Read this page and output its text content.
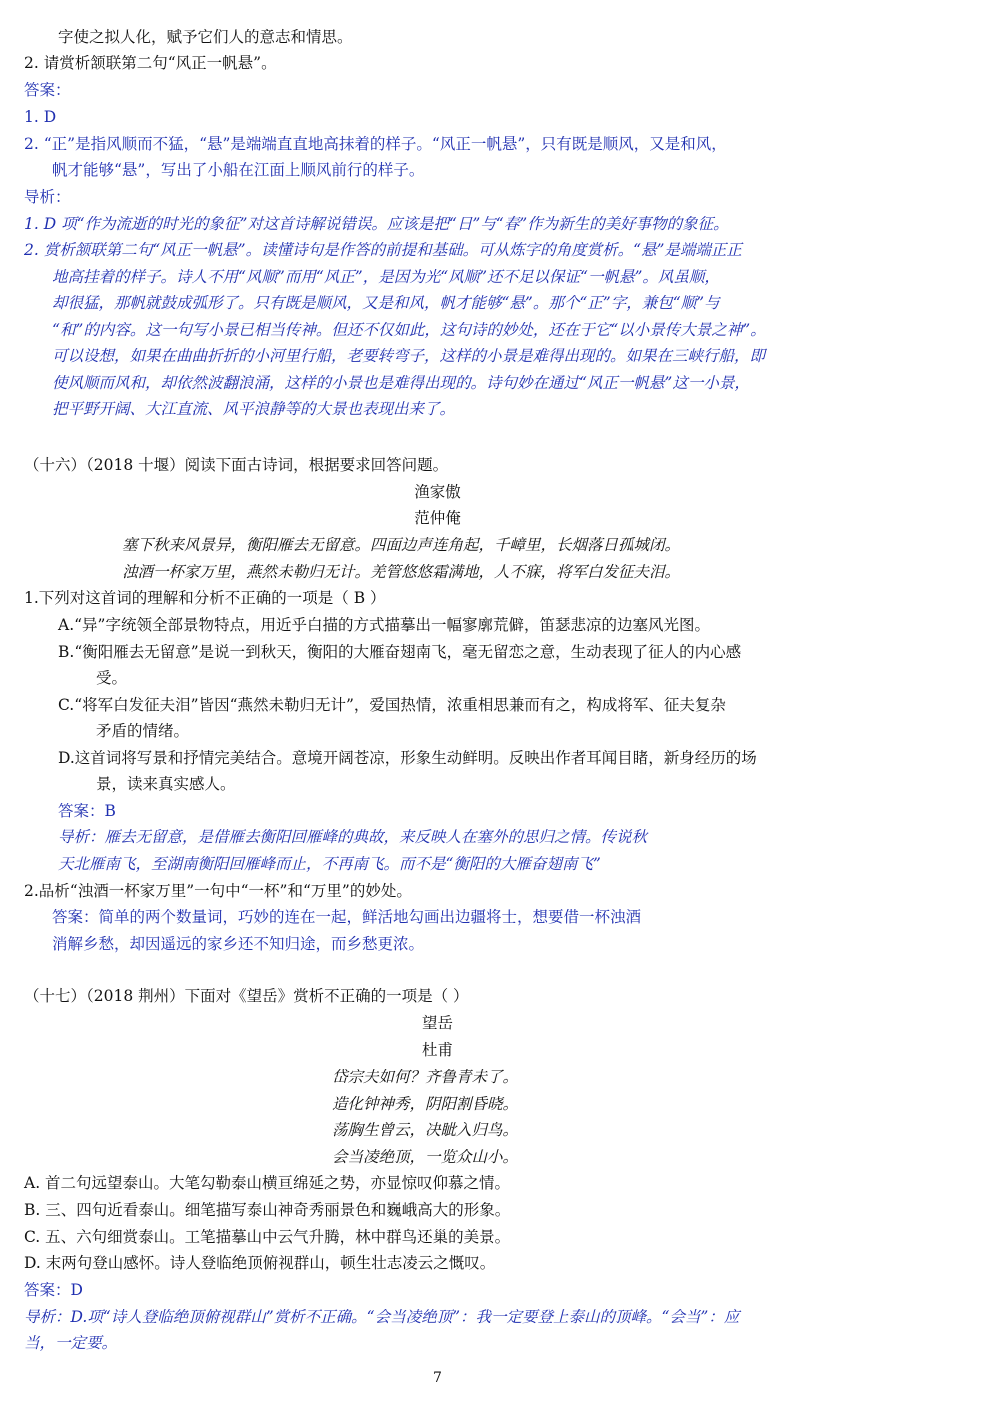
字使之拟人化，赋予它们人的意志和情思。
2. 请赏析颔联第二句“风正一帆悬”。
答案：
1. D
2. “正”是指风顺而不猛，“悬”是端端直直地高抹着的样子。“风正一帆悬”，只有既是顺风，又是和风，
帆才能够“悬”，写出了小船在江面上顺风前行的样子。
导析：
1. D 项“作为流逝的时光的象征”对这首诗解说错误。应该是把“日”与“春”作为新生的美好事物的象征。
2. 赏析颔联第二句“风正一帆悬”。读懂诗句是作答的前提和基础。可从炼字的角度赏析。“悬”是端端正正
地高挂着的样子。诗人不用“风顺”而用“风正”，是因为光“风顺”还不足以保证“一帆悬”。风虽顺，
却很猛，那帆就鼓成弧形了。只有既是顺风，又是和风，帆才能够“悬”。那个“正”字，兼包“顺”与
“和”的内容。这一句写小景已相当传神。但还不仅如此，这句诗的妙处，还在于它“以小景传大景之神”。
可以设想，如果在曲曲折折的小河里行船，老要转弯子，这样的小景是难得出现的。如果在三峡行船，即
使风顺而风和，却依然波翻浪涌，这样的小景也是难得出现的。诗句妙在通过“风正一帆悬”这一小景，
把平野开阔、大江直流、风平浪静等的大景也表现出来了。
（十六）（2018 十堰）阅读下面古诗词，根据要求回答问题。
渔家傲
范仲俺
塞下秋来风景异，衡阳雁去无留意。四面边声连角起，千嶂里，长烟落日孤城闭。
浊酒一杯家万里，燕然未勒归无计。羌管悠悠霜满地，人不寐，将军白发征夫泪。
1.下列对这首词的理解和分析不正确的一项是（ B ）
A.“异”字统领全部景物特点，用近乎白描的方式描摹出一幅寥廓荒僻，笛瑟悲凉的边塞风光图。
B.“衡阳雁去无留意”是说一到秋天，衡阳的大雁奋翅南飞，毫无留恋之意，生动表现了征人的内心感
受。
C.“将军白发征夫泪”皆因“燕然未勒归无计”，爱国热情，浓重相思兼而有之，构成将军、征夫复杂
矛盾的情绪。
D.这首词将写景和抒情完美结合。意境开阔苍凉，形象生动鲜明。反映出作者耳闻目睹，新身经历的场
景，读来真实感人。
答案：B
导析：雁去无留意，是借雁去衡阳回雁峰的典故，来反映人在塞外的思归之情。传说秋
天北雁南飞，至湖南衡阳回雁峰而止，不再南飞。而不是“衡阳的大雁奋翅南飞”
2.品析“浊酒一杯家万里”一句中“一杯”和“万里”的妙处。
答案：简单的两个数量词，巧妙的连在一起，鲜活地勾画出边疆将士，想要借一杯浊酒
消解乡愁，却因遥远的家乡还不知归途，而乡愁更浓。
（十七）（2018 荆州）下面对《望岳》赏析不正确的一项是（ ）
望岳
杜甫
岱宗夫如何？齐鲁青未了。
造化钟神秀，阴阳割昏晓。
荡胸生曾云，决眦入归鸟。
会当凌绝顶，一览众山小。
A. 首二句远望泰山。大笔勾勒泰山横亘绵延之势，亦显惊叹仰慕之情。
B. 三、四句近看泰山。细笔描写泰山神奇秀丽景色和巍峨高大的形象。
C. 五、六句细赏泰山。工笔描摹山中云气升腾，林中群鸟还巢的美景。
D. 末两句登山感怀。诗人登临绝顶俯视群山，顿生壮志凌云之慨叹。
答案：D
导析：D.项“诗人登临绝顶俯视群山”赏析不正确。“会当凌绝顶”：我一定要登上泰山的顶峰。“会当”：应
当，一定要。
7
